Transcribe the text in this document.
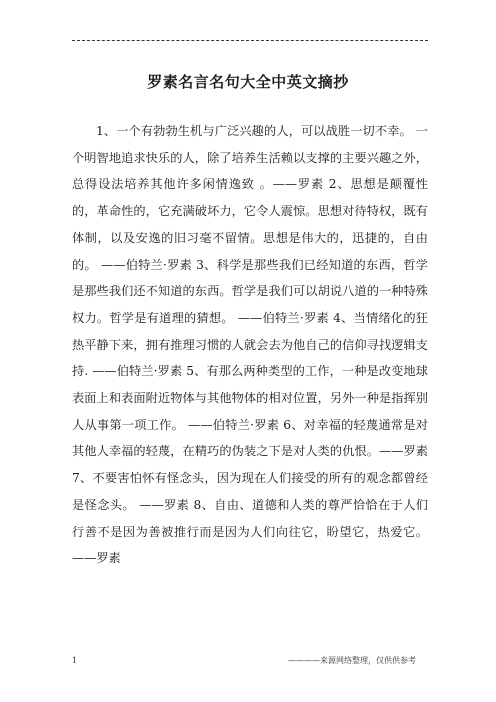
罗素名言名句大全中英文摘抄

1、一个有勃勃生机与广泛兴趣的人，可以战胜一切不幸。 一个明智地追求快乐的人，除了培养生活赖以支撑的主要兴趣之外，总得设法培养其他许多闲情逸致 。——罗素 2、思想是颠覆性的，革命性的，它充满破坏力，它令人震惊。思想对待特权，既有体制，以及安逸的旧习毫不留情。思想是伟大的，迅捷的，自由的。 ——伯特兰·罗素 3、科学是那些我们已经知道的东西，哲学是那些我们还不知道的东西。哲学是我们可以胡说八道的一种特殊权力。哲学是有道理的猜想。 ——伯特兰·罗素 4、当情绪化的狂热平静下来，拥有推理习惯的人就会去为他自己的信仰寻找逻辑支持. ——伯特兰·罗素 5、有那么两种类型的工作，一种是改变地球表面上和表面附近物体与其他物体的相对位置，另外一种是指挥别人从事第一项工作。 ——伯特兰·罗素 6、对幸福的轻蔑通常是对其他人幸福的轻蔑，在精巧的伪装之下是对人类的仇恨。——罗素 7、不要害怕怀有怪念头，因为现在人们接受的所有的观念都曾经是怪念头。 ——罗素 8、自由、道德和人类的尊严恰恰在于人们行善不是因为善被推行而是因为人们向往它，盼望它，热爱它。 ——罗素

1	————来源网络整理，仅供供参考
